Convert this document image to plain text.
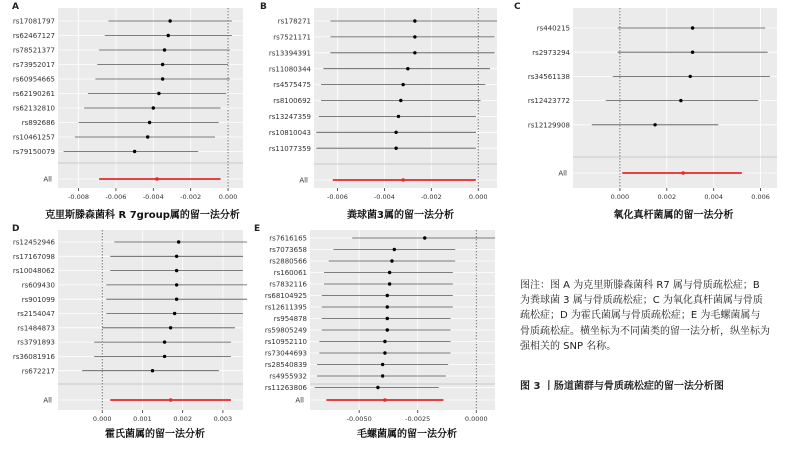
A
rs17081797
rs62467127
rs78521377
rs73952017
rs60954665
rs62190261
rs62132810
rs892686
rs10461257
rs79150079
All
-0.008	-0.006	-0.004	-0.002	0.000
克里斯滕森菌科 R 7group属的留一法分析
B
rs178271
rs7521171
rs13394391
rs11080344
rs4575475
rs8100692
rs13247359
rs10810043
rs11077359
All
-0.006	-0.004	-0.002	0.000
粪球菌3属的留一法分析
C
rs440215
rs2973294
rs34561138
rs12423772
rs12129908
All
0.000	0.002	0.004	0.006
氧化真杆菌属的留一法分析
D
rs12452946
rs17167098
rs10048062
rs609430
rs901099
rs2154047
rs1484873
rs3791893
rs36081916
rs672217
All
0.000	0.001	0.002	0.003
霍氏菌属的留一法分析
E
rs7616165
rs7073658
rs2880566
rs160061
rs7832116
rs68104925
rs12611395
rs954878
rs59805249
rs10952110
rs73044693
rs28540839
rs4955932
rs11263806
All
-0.0050	-0.0025	0.0000
毛螺菌属的留一法分析
图注：图 A 为克里斯滕森菌科 R7 属与骨质疏松症；B 为粪球菌 3 属与骨质疏松症；C 为氧化真杆菌属与骨质疏松症；D 为霍氏菌属与骨质疏松症；E 为毛螺菌属与骨质疏松症。横坐标为不同菌类的留一法分析，纵坐标为强相关的 SNP 名称。
图 3 丨肠道菌群与骨质疏松症的留一法分析图
